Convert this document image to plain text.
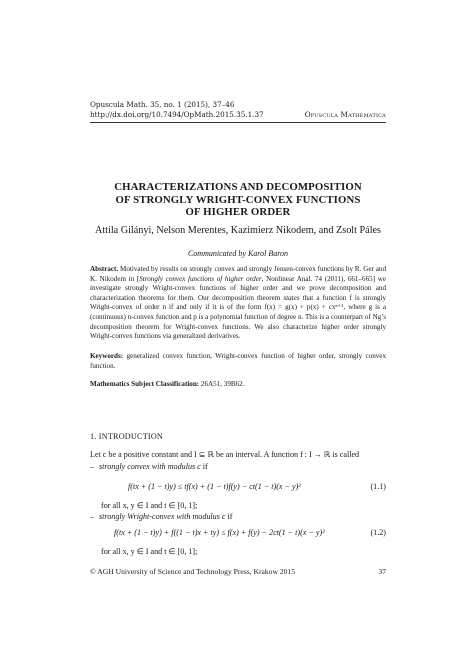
Opuscula Math. 35, no. 1 (2015), 37–46
http://dx.doi.org/10.7494/OpMath.2015.35.1.37	Opuscula Mathematica
CHARACTERIZATIONS AND DECOMPOSITION
OF STRONGLY WRIGHT-CONVEX FUNCTIONS
OF HIGHER ORDER
Attila Gilányi, Nelson Merentes, Kazimierz Nikodem, and Zsolt Páles
Communicated by Karol Baron
Abstract. Motivated by results on strongly convex and strongly Jensen-convex functions by R. Ger and K. Nikodem in [Strongly convex functions of higher order, Nonlinear Anal. 74 (2011), 661–665] we investigate strongly Wright-convex functions of higher order and we prove decomposition and characterization theorems for them. Our decomposition theorem states that a function f is strongly Wright-convex of order n if and only if it is of the form f(x) = g(x) + p(x) + cxⁿ⁺¹, where g is a (continuous) n-convex function and p is a polynomial function of degree n. This is a counterpart of Ng’s decomposition theorem for Wright-convex functions. We also characterize higher order strongly Wright-convex functions via generalized derivatives.
Keywords: generalized convex function, Wright-convex function of higher order, strongly convex function.
Mathematics Subject Classification: 26A51, 39B62.
1. INTRODUCTION
Let c be a positive constant and I ⊆ ℝ be an interval. A function f : I → ℝ is called
– strongly convex with modulus c if
f(tx + (1 − t)y) ≤ tf(x) + (1 − t)f(y) − ct(1 − t)(x − y)²	(1.1)
for all x, y ∈ I and t ∈ [0, 1];
– strongly Wright-convex with modulus c if
f(tx + (1 − t)y) + f((1 − t)x + ty) ≤ f(x) + f(y) − 2ct(1 − t)(x − y)²	(1.2)
for all x, y ∈ I and t ∈ [0, 1];
© AGH University of Science and Technology Press, Krakow 2015	37
